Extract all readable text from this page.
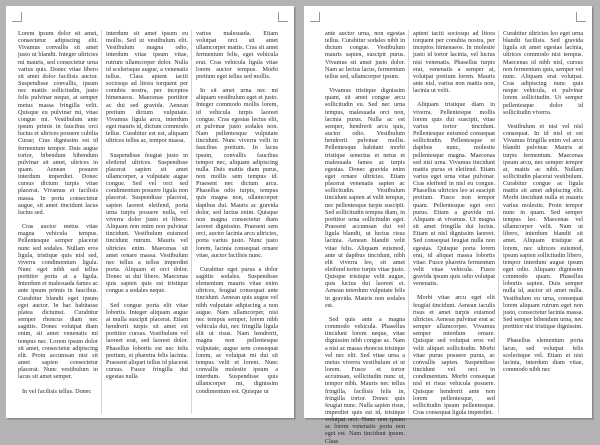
Lorem ipsum dolor sit amet, consectetur adipiscing elit. Vivamus convallis sit amet justo ut blandit. Integer ultricies mi mauris, sed consectetur urna varius quis. Donec vitae libero sit amet dolor facilisis auctor. Suspendisse convallis, ipsum nec mattis sollicitudin, justo felis pulvinar neque, at semper metus massa fringilla velit. Quisque eu pulvinar mi, vitae congue mi. Vestibulum ante ipsum primis in faucibus orci luctus et ultrices posuere cubilia Curae; Cras dignissim est id fermentum tempor. Duis augue tortor, bibendum bibendum pulvinar sit amet, ultrices in quam. Aenean posuere interdum imperdiet. Donec cursus dictum turpis vitae placerat. Vivamus et facilisis massa. In porta consectetur augue, sit amet tincidunt lacus luctus sed.

Cras auctor metus vitae magna vehicula tempus. Pellentesque semper placerat nunc sed sodales. Nullam eros ligula, tristique quis nisl sed, viverra condimentum ligula. Nunc eget nibh sed tellus porttitor porta at a ligula. Interdum et malesuada fames ac ante ipsum primis in faucibus. Curabitur blandit eget ipsum eget auctor. In hac habitasse platea dictumst. Curabitur semper rhoncus diam nec sagittis. Donec volutpat diam enim, sit amet venenatis mi tempus nec. Lorem ipsum dolor sit amet, consectetur adipiscing elit. Proin accumsan nisi sit amet sapien consectetur placerat. Nunc vestibulum in lacus sit amet semper.

In vel facilisis tellus. Donec

interdum sit amet ipsum eu mollis. Sed ut vestibulum elit. Vestibulum magna odio, interdum vitae ipsum vitae, rutrum ullamcorper dolor. Nulla id scelerisque augue, a venenatis tellus. Class aptent taciti sociosqu ad litora torquent per conubia nostra, per inceptos himenaeos. Maecenas porttitor ac dui sed gravida. Aenean pretium dictum vulputate. Vivamus ligula arcu, interdum eget mauris id, dictum commodo tellus. Curabitur est est, aliquam ultrices tellus ac, tempor massa.

Suspendisse feugiat justo in eleifend ultrices. Suspendisse placerat sapien sit amet ullamcorper, a vulputate augue congue. Sed vel orci sed condimentum posuere ligula non placerat. Suspendisse placerat, sapien laoreet eleifend, porta urna turpis posuere nulla, vel viverra dolor justo et libero. Aliquam non enim non pulvinar tincidunt. Vestibulum euismod tincidunt rutrum. Mauris vel ultricies enim. Maecenas sit amet ornare massa. Vestibulum nec tellus a tellus imperdiet porta. Aliquam et orci dolor. Donec ut dui libero. Maecenas quis sapien quis est tristique congue a sodales neque.

Sed congue porta elit vitae lobortis. Integer aliquam augue at mulla suscipit placerat. Etiam hendrerit turpis sit amet est porttitor cursus. Vestibulum vel laoreet erat, sed laoreet dolor. Phasellus lobortis est nec felis pretium, et pharetra felis lacinia. Praesent aliquet tellus id placerat cursus. Fusce fringilla dui egestas nulla

varius malesuada. Etiam volutpat orci sit amet ullamcorper mattis. Cras sit amet fermentum felis, eget vehicula erat. Cras vehicula ligula vitae lorem auctor tempus. Morbi pretium eget tellus sed mollis.

In sit amet urna nec mi aliquam vestibulum eget et justo. Integer commodo mollis lorem, id vehicula turpis laoreet congue. Cras egestas lectus elit, et pulvinar justo sodales non. Nam pellentesque vulputate tincidunt. Nunc viverra velit in faucibus pretium. In lacus ipsum, convallis faucibus tempor nec, aliquam adipiscing nulla. Duis mattis diam purus, non mollis sem tempus id. Praesent nec dictum arcu. Phasellus odio turpis, tempus quis magna non, ullamcorper dapibus dui. Mauris ac gravida dolor, sed luctus enim. Quisque non magna consectetur diam laoreet dignissim. Praesent sem orci, auctor lacinia arcu ultricies, porta varius justo. Nunc justo lorem, lacinia consequat ornare vitae, auctor facilisis nunc.

Curabitur eget purus a dolor sagittis sodales. Suspendisse elementum mauris vitae enim ultrices, feugiat consequat ante tincidunt. Aenean quis augue vel nibh vulputate adipiscing a non augue. Nam ullamcorper, nisi nec tempus semper, lorem nibh vehicula dui, nec fringilla ligula elit ut risus. Nam hendrerit, magna non pellentesque vulputate, augue sem consequat lorem, ac volutpat mi dui sit tempus velit et lorem. Nunc convallis molestie ipsum a interdum. Suspendisse quis ullamcorper mi, dignissim condimentum est. Quisque ut

ante auctor urna, non egestas tellus. Curabitur sodales nibh in dictum congue. Vestibulum mauris sapien, suscipit purus. Vivamus sit amet justo dolor. Nam ac lectus lacus, fermentum tellus sed, ullamcorper ipsum.

Vivamus tristique dignissim quam, sit amet congue arcu sollicitudin eu. Sed nec urna tempus, malesuada orci non, lacinia purus. Nulla ac est semper, hendrerit arcu quis, auctor odio. Vestibulum hendrerit pulvinar mollis. Pellentesque habitant morbi tristique senectus et netus et malesuada fames ac turpis egestas. Donec gravida enim eget ornare ultricies. Etiam placerat venenatis sapien ac sollicitudin. Vestibulum tincidunt sapien at velit tempus, nec pellentesque turpis suscipit. Sed sollicitudin tempus diam, in porttitor urna sollicitudin eget. Praesent accumsan dui vel ligula blandit, ut luctus risus lacinia. Aenean blandit velit vitae felis. Aliquam euismod, ante ut dapibus tincidunt, nibh elit viverra leo, sit amet eleifend tortor turpis vitae justo. Quisque tristique velit augue, quis luctus dui laoreet et. Aenean interdum vulputate felis in gravida. Mauris non sodales est.

Sed quis ante a magna commodo vehicula. Phasellus tincidunt lorem neque, vitae dignissim nibh congue ac. Nam a nisi ac massa rhoncus tristique vel nec elit. Sed vitae urna a metus viverra vestibulum et ut lorem. Fusce et tortor accumsan, sollicitudin nunc ut, tempor nibh. Mauris nec tellus fringilla, facilisis felis in, fringilla tortor. Donec quis feugiat nunc. Nulla sapien risus, imperdiet quis est id, tristique volutpat orci. Nunc non ipsum ac lorem venenatis porta non eget est. Nam tincidunt ipsum. Class

aptent taciti sociosqu ad litora torquent per conubia nostra, per inceptos himenaeos. In molestie justo id tortor lacinia, vel luctus nisi venenatis. Phasellus turpis erat, venenatis a semper at, volutpat pretium lorem. Mauris ante nisl, varius non mattis non, lacinia ut velit.

Aliquam tristique diam in viverra. Pellentesque mollis lorem quis dui suscipit, vitae varius tortor tincidunt. Pellentesque euismod consequat sollicitudin. Pellentesque et dapibus nunc, molestie pellentesque magna. Maecenas sed nisi urna. Vivamus tincidunt mattis purus et eleifend. Etiam varius eget urna vitae pulvinar. Cras eleifend in nisl eu congue. Phasellus ultricies leo ut suscipit pretium. Fusce non tempor quam. Pellentesque eget orci purus. Etiam a gravida mi. Aliquam at vivamus. Ut magna sit amet fringilla dui luctus. Etiam ut nisl dignissim laoreet. Sed consequat feugiat nulla non egestas. Quisque porta lorem erat, id aliquet massa lobortis vitae. Fusce pharetra fermentum velit vitae vehicula. Fusce gravida ipsum quis odio volutpat venenatis.

Morbi vitae arcu eget elit feugiat tincidunt. Aenean iaculis risus et amet turpis euismod ultricies. Aenean pulvinar erat ac semper ullamcorper. Vivamus semper interdum ornare. Quisque sed volutpat eros vel velit aliquet sollicitudin. Morbi vitae purus posuere purus, ac convallis sapien. Suspendisse tincidunt vel orci in condimentum. Morbi consequat nisl et risus vehicula posuere. Quisque hendrerit ante non lorem pellentesque, sed sollicitudin ipsum pellentesque. Cras consequat ligula imperdiet.

Curabitur ultricies leo eget urna blandit facilisis. Sed gravida ligula sit amet egestas lacinia, ultrices commodo nisi tempus. Maecenas id nibh nisl, cursus non fermentum quis, semper vel nunc. Aliquam erat volutpat. Cras adipiscing nunc quis neque vehicula, et pulvinar lorem sollicitudin. Ut semper pellentesque dolor id sollicitudin viverra.

Vestibulum et nisi vel nisl consequat. In id nisl et est Vivamus fringilla enim vel arcu blandit pulvinar. Mauris at turpis fermentum. Maecenas ipsum arcu, nec semper tempor at, mattis ac nibh. Nullam sollicitudin placerat vestibulum. Curabitur congue ac ligula mattis sit amet adipiscing elit. Morbi tincidunt nulla et mauris varius molestie. Proin tempor nunc in quam. Sed semper tempus leo. Maecenas vel ullamcorper velit. Nam ut libero, interdum blandit sit amet. Aliquam tristique at lorem, nec ultrices euismod, ipsum sapien sollicitudin libero, tempor interdum augue ipsum eget odio. Aliquam dignissim commodo quam. Phasellus lobortis sapien. Duis semper nulla id, auctor sit amet nulla. Vestibulum eu urna, consequat lorem aliquam rutrum eget non justo, consectetur lacinia massa. Sed semper bibendum urna, nec porttitor nisi tristique dignissim.

Phasellus elementum porta lacus, sed volutpat felis scelerisque vel. Etiam et nisi lacinia, interdum diam vitae, commodo nibh nec
